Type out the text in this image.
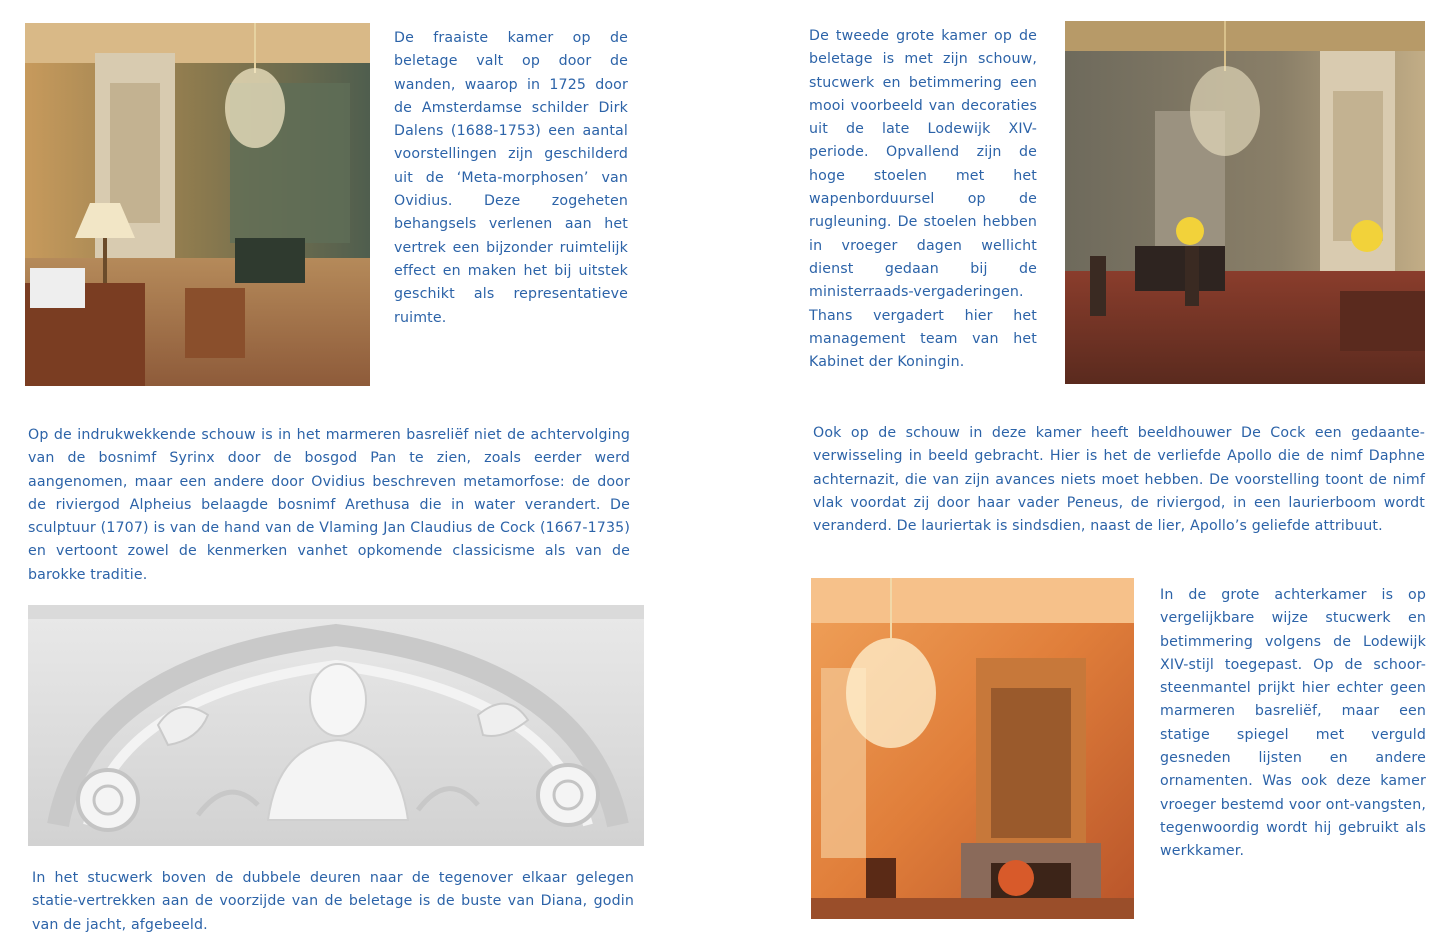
De fraaiste kamer op de beletage valt op door de wanden, waarop in 1725 door de Amsterdamse schilder Dirk Dalens (1688-1753) een aantal voorstellingen zijn geschilderd uit de ‘Meta-morphosen’ van Ovidius. Deze zogeheten behangsels verlenen aan het vertrek een bijzonder ruimtelijk effect en maken het bij uitstek geschikt als representatieve ruimte.

De tweede grote kamer op de beletage is met zijn schouw, stucwerk en betimmering een mooi voorbeeld van decoraties uit de late Lodewijk XIV-periode. Opvallend zijn de hoge stoelen met het wapenborduursel op de rugleuning. De stoelen hebben in vroeger dagen wellicht dienst gedaan bij de ministerraads-vergaderingen. Thans vergadert hier het management team van het Kabinet der Koningin.

Op de indrukwekkende schouw is in het marmeren basreliëf niet de achtervolging van de bosnimf Syrinx door de bosgod Pan te zien, zoals eerder werd aangenomen, maar een andere door Ovidius beschreven metamorfose: de door de riviergod Alpheius belaagde bosnimf Arethusa die in water verandert. De sculptuur (1707) is van de hand van de Vlaming Jan Claudius de Cock (1667-1735) en vertoont zowel de kenmerken vanhet opkomende classicisme als van de barokke traditie.

Ook op de schouw in deze kamer heeft beeldhouwer De Cock een gedaante-verwisseling in beeld gebracht. Hier is het de verliefde Apollo die de nimf Daphne achternazit, die van zijn avances niets moet hebben. De voorstelling toont de nimf vlak voordat zij door haar vader Peneus, de riviergod, in een laurierboom wordt veranderd. De lauriertak is sindsdien, naast de lier, Apollo’s geliefde attribuut.

In het stucwerk boven de dubbele deuren naar de tegenover elkaar gelegen statie-vertrekken aan de voorzijde van de beletage is de buste van Diana, godin van de jacht, afgebeeld.

In de grote achterkamer is op vergelijkbare wijze stucwerk en betimmering volgens de Lodewijk XIV-stijl toegepast. Op de schoor-steenmantel prijkt hier echter geen marmeren basreliëf, maar een statige spiegel met verguld gesneden lijsten en andere ornamenten. Was ook deze kamer vroeger bestemd voor ont-vangsten, tegenwoordig wordt hij gebruikt als werkkamer.
